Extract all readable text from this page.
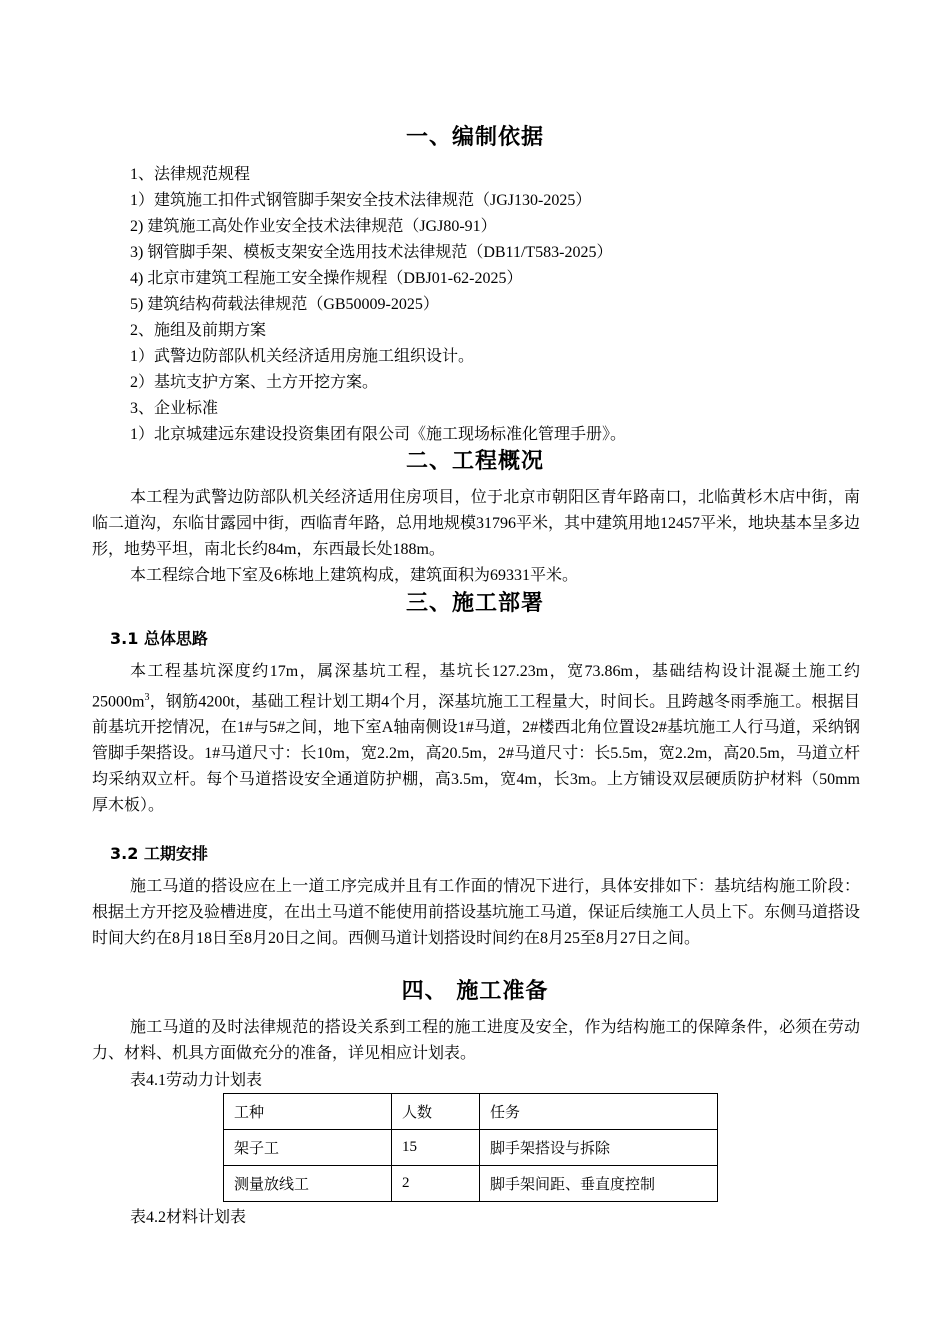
一、编制依据
1、法律规范规程
1）建筑施工扣件式钢管脚手架安全技术法律规范（JGJ130-2025）
2) 建筑施工高处作业安全技术法律规范（JGJ80-91）
3) 钢管脚手架、模板支架安全选用技术法律规范（DB11/T583-2025）
4) 北京市建筑工程施工安全操作规程（DBJ01-62-2025）
5) 建筑结构荷载法律规范（GB50009-2025）
2、施组及前期方案
1）武警边防部队机关经济适用房施工组织设计。
2）基坑支护方案、土方开挖方案。
3、企业标准
1）北京城建远东建设投资集团有限公司《施工现场标准化管理手册》。
二、工程概况
本工程为武警边防部队机关经济适用住房项目，位于北京市朝阳区青年路南口，北临黄杉木店中街，南临二道沟，东临甘露园中街，西临青年路，总用地规模31796平米，其中建筑用地12457平米，地块基本呈多边形，地势平坦，南北长约84m，东西最长处188m。
本工程综合地下室及6栋地上建筑构成，建筑面积为69331平米。
三、施工部署
3.1 总体思路
本工程基坑深度约17m，属深基坑工程，基坑长127.23m，宽73.86m，基础结构设计混凝土施工约$25000m^3$，钢筋4200t，基础工程计划工期4个月，深基坑施工工程量大，时间长。且跨越冬雨季施工。根据目前基坑开挖情况，在1#与5#之间，地下室A轴南侧设1#马道，2#楼西北角位置设2#基坑施工人行马道，采纳钢管脚手架搭设。1#马道尺寸：长10m，宽2.2m，高20.5m，2#马道尺寸：长5.5m，宽2.2m，高20.5m，马道立杆均采纳双立杆。每个马道搭设安全通道防护棚，高3.5m，宽4m，长3m。上方铺设双层硬质防护材料（50mm厚木板）。
3.2 工期安排
施工马道的搭设应在上一道工序完成并且有工作面的情况下进行，具体安排如下：基坑结构施工阶段：根据土方开挖及验槽进度，在出土马道不能使用前搭设基坑施工马道，保证后续施工人员上下。东侧马道搭设时间大约在8月18日至8月20日之间。西侧马道计划搭设时间约在8月25至8月27日之间。
四、 施工准备
施工马道的及时法律规范的搭设关系到工程的施工进度及安全，作为结构施工的保障条件，必须在劳动力、材料、机具方面做充分的准备，详见相应计划表。
表4.1劳动力计划表
工种	人数	任务
架子工	15	脚手架搭设与拆除
测量放线工	2	脚手架间距、垂直度控制
表4.2材料计划表
